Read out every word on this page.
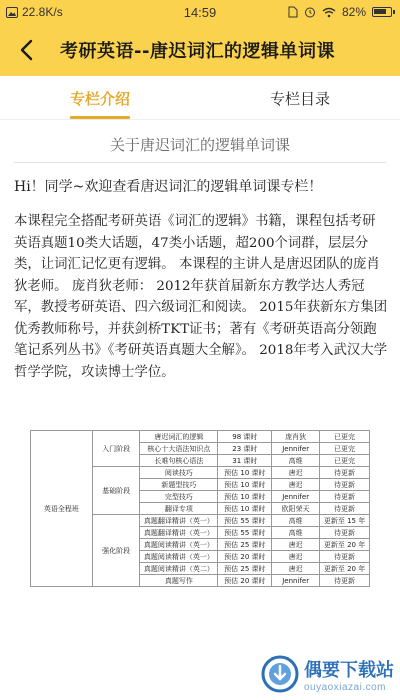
22.8K/s	14:59	82%
考研英语--唐迟词汇的逻辑单词课
专栏介绍	专栏目录
关于唐迟词汇的逻辑单词课
Hi！同学~欢迎查看唐迟词汇的逻辑单词课专栏！
本课程完全搭配考研英语《词汇的逻辑》书籍，课程包括考研英语真题10类大话题，47类小话题，超200个词群，层层分类，让词汇记忆更有逻辑。 本课程的主讲人是唐迟团队的庞肖狄老师。 庞肖狄老师： 2012年获首届新东方教学达人秀冠军，教授考研英语、四六级词汇和阅读。 2015年获新东方集团优秀教师称号，并获剑桥TKT证书；著有《考研英语高分领跑笔记系列丛书》《考研英语真题大全解》。 2018年考入武汉大学哲学学院，攻读博士学位。
英语全程班	入门阶段	唐迟词汇的逻辑	98 课时	庞肖狄	已更完
		核心十大语法知识点	23 课时	Jennifer	已更完
		长难句核心语法	31 课时	高维	已更完
	基础阶段	阅读技巧	预估 10 课时	唐迟	待更新
		新题型技巧	预估 10 课时	唐迟	待更新
		完型技巧	预估 10 课时	Jennifer	待更新
		翻译专项	预估 10 课时	欧阳荣天	待更新
	强化阶段	真题翻译精讲（英一）	预估 55 课时	高维	更新至 15 年
		真题翻译精讲（英一）	预估 55 课时	高维	待更新
		真题阅读精讲（英一）	预估 25 课时	唐迟	更新至 20 年
		真题阅读精讲（英一）	预估 20 课时	唐迟	待更新
		真题阅读精讲（英二）	预估 25 课时	唐迟	更新至 20 年
		真题写作	预估 20 课时	Jennifer	待更新
偶要下载站
ouyaoxiazai.com
